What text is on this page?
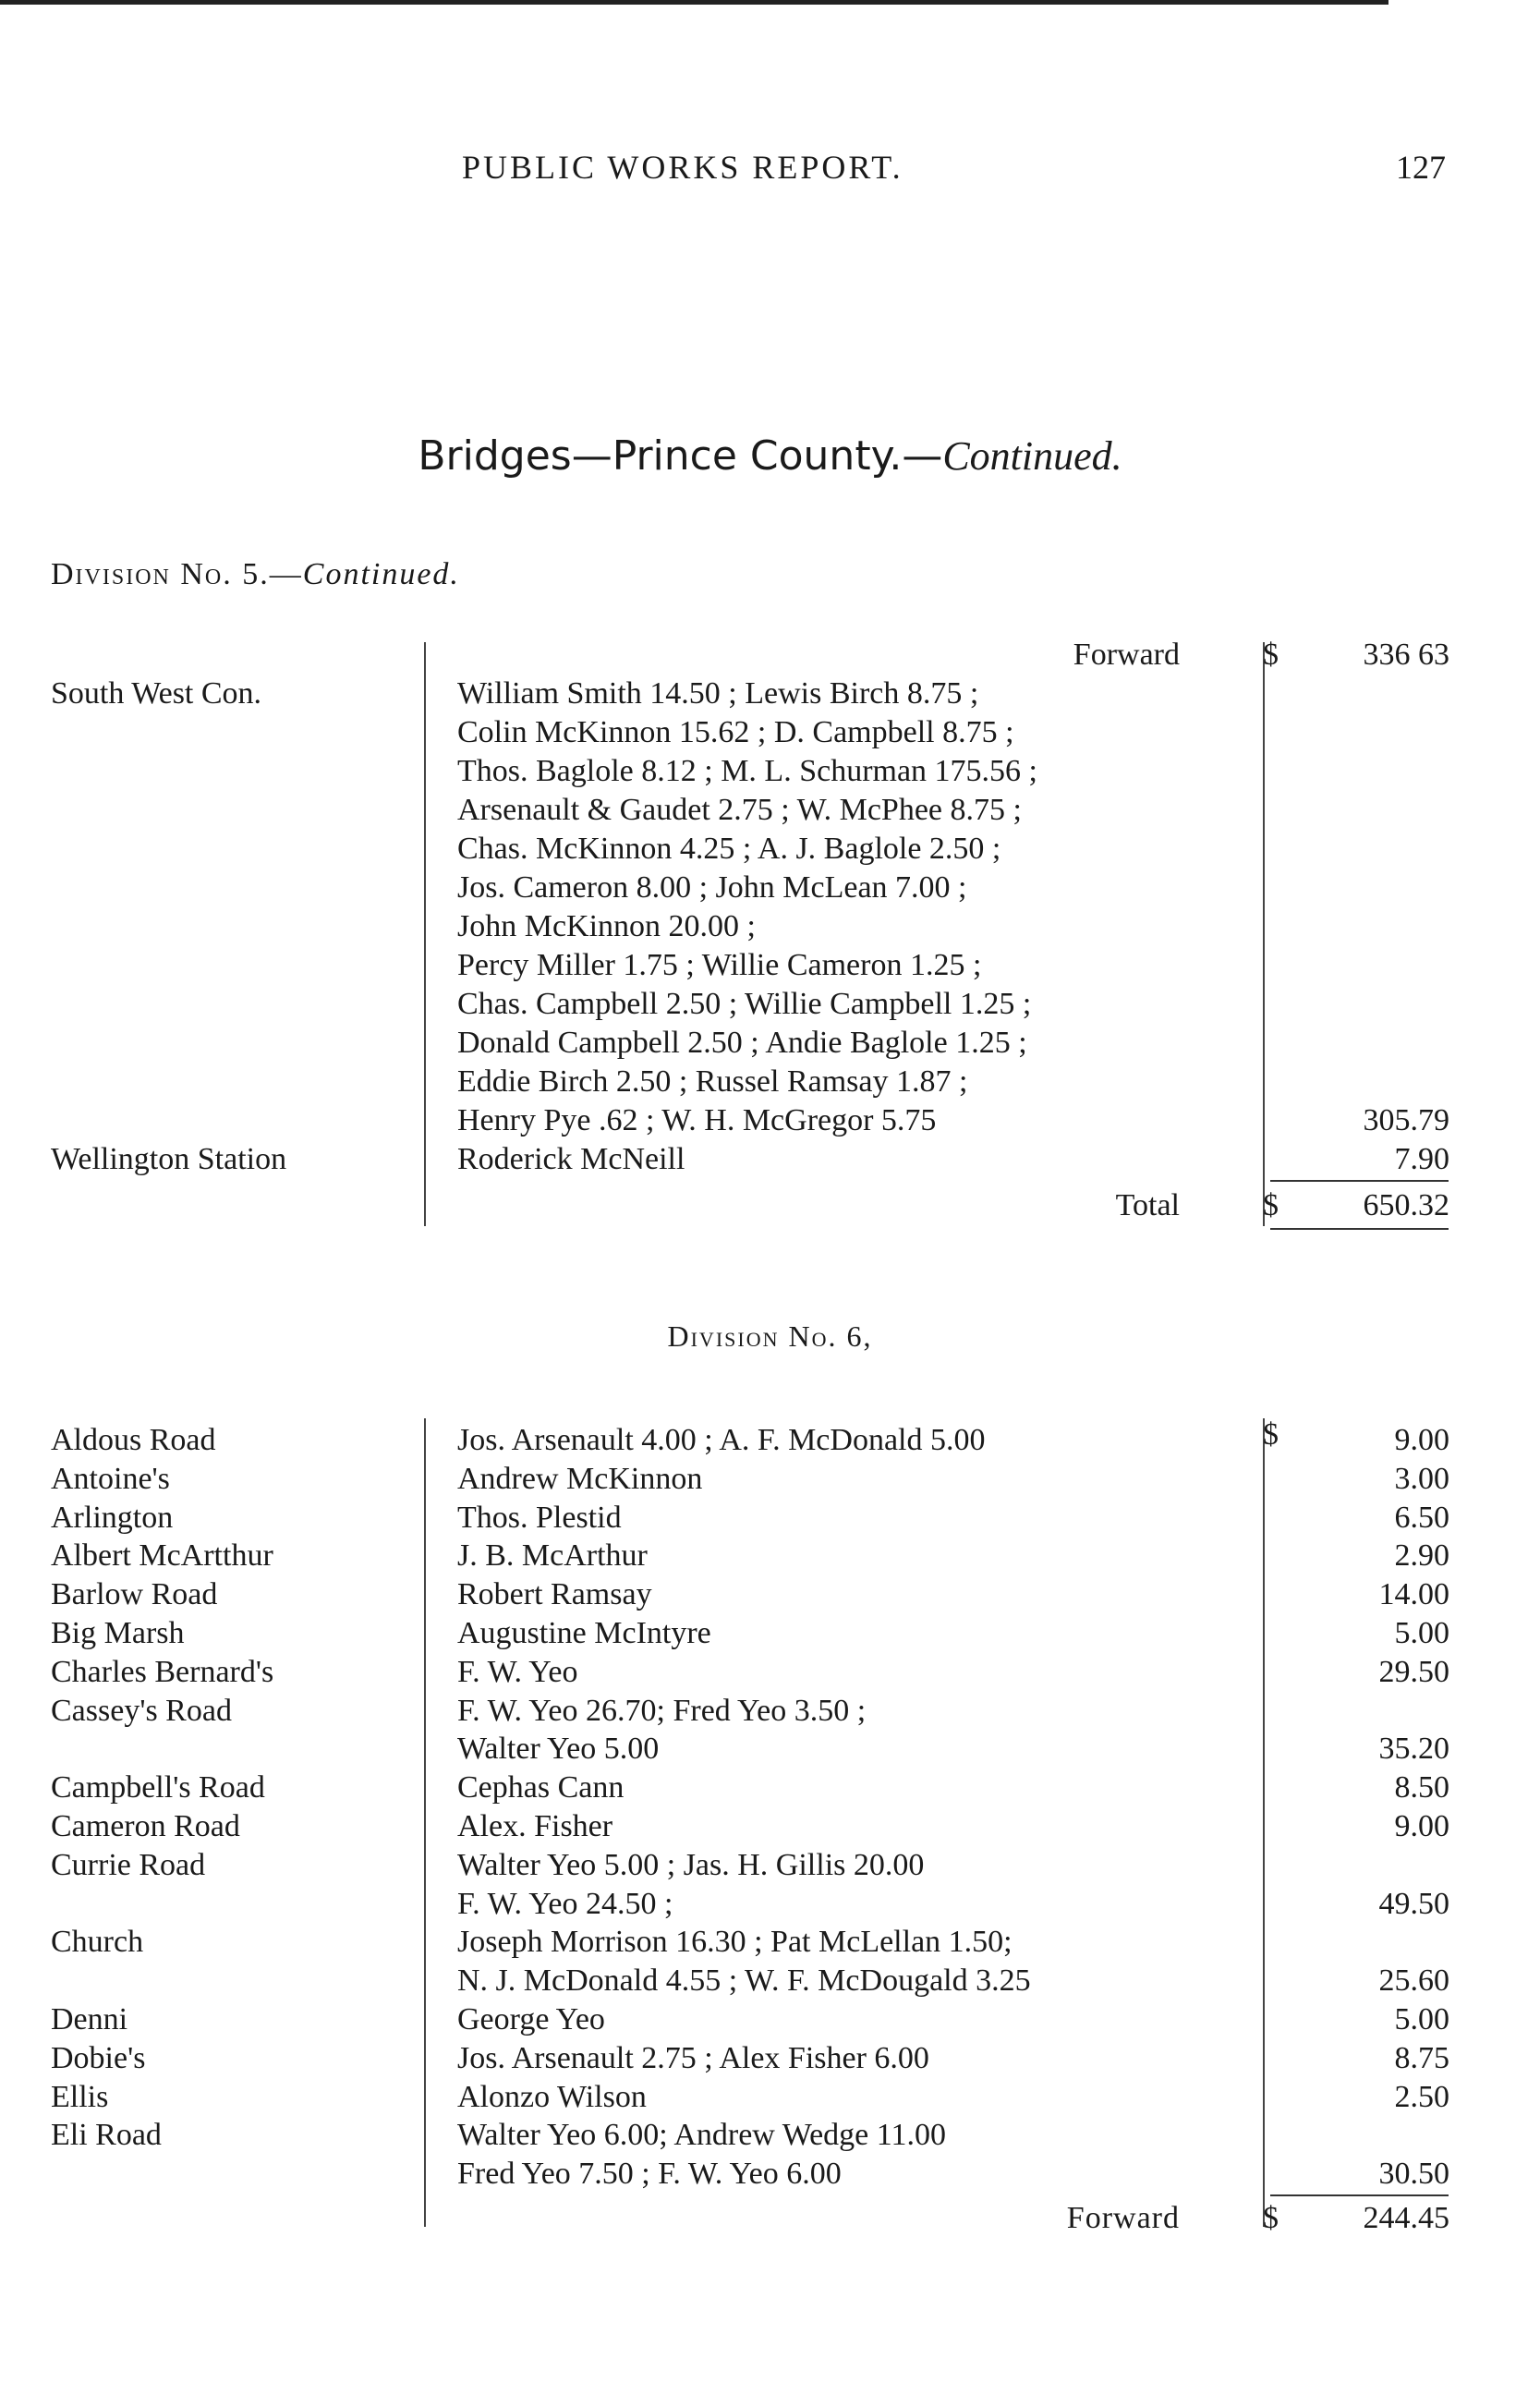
PUBLIC WORKS REPORT.	127
Bridges—Prince County.—Continued.
Division No. 5.—Continued.
Forward	$	336 63
South West Con.	William Smith 14.50 ; Lewis Birch 8.75 ;
Colin McKinnon 15.62 ; D. Campbell 8.75 ;
Thos. Baglole 8.12 ; M. L. Schurman 175.56 ;
Arsenault & Gaudet 2.75 ; W. McPhee 8.75 ;
Chas. McKinnon 4.25 ; A. J. Baglole 2.50 ;
Jos. Cameron 8.00 ; John McLean 7.00 ;
John McKinnon 20.00 ;
Percy Miller 1.75 ; Willie Cameron 1.25 ;
Chas. Campbell 2.50 ; Willie Campbell 1.25 ;
Donald Campbell 2.50 ; Andie Baglole 1.25 ;
Eddie Birch 2.50 ; Russel Ramsay 1.87 ;
Henry Pye .62 ; W. H. McGregor 5.75	305.79
Wellington Station	Roderick McNeill	7.90
Total	$	650.32
Division No. 6,
$
Aldous Road	Jos. Arsenault 4.00 ; A. F. McDonald 5.00	9.00
Antoine's	Andrew McKinnon	3.00
Arlington	Thos. Plestid	6.50
Albert McArtthur	J. B. McArthur	2.90
Barlow Road	Robert Ramsay	14.00
Big Marsh	Augustine McIntyre	5.00
Charles Bernard's	F. W. Yeo	29.50
Cassey's Road	F. W. Yeo 26.70; Fred Yeo 3.50 ;
Walter Yeo 5.00	35.20
Campbell's Road	Cephas Cann	8.50
Cameron Road	Alex. Fisher	9.00
Currie Road	Walter Yeo 5.00 ; Jas. H. Gillis 20.00
F. W. Yeo 24.50 ;	49.50
Church	Joseph Morrison 16.30 ; Pat McLellan 1.50;
N. J. McDonald 4.55 ; W. F. McDougald 3.25	25.60
Denni	George Yeo	5.00
Dobie's	Jos. Arsenault 2.75 ; Alex Fisher 6.00	8.75
Ellis	Alonzo Wilson	2.50
Eli Road	Walter Yeo 6.00; Andrew Wedge 11.00
Fred Yeo 7.50 ; F. W. Yeo 6.00	30.50
Forward	$	244.45
